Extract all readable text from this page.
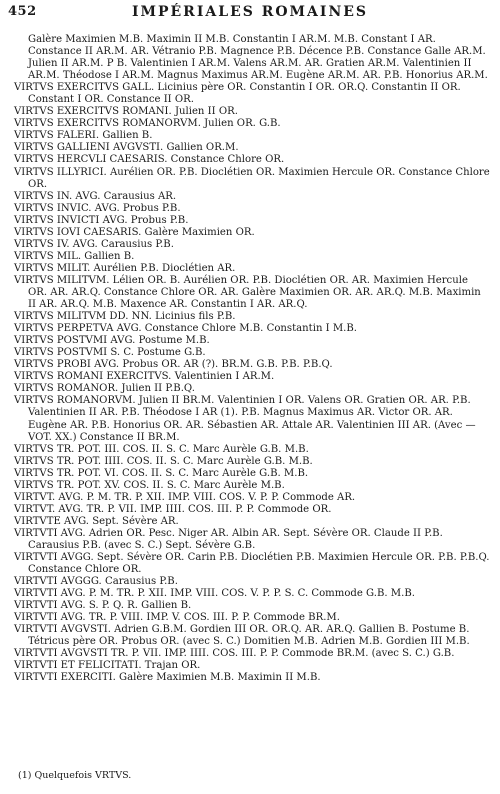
452	IMPÉRIALES ROMAINES

Galère Maximien M.B. Maximin II M.B. Constantin I AR.M. M.B. Constant I AR. Constance II AR.M. AR. Vétranio P.B. Magnence P.B. Décence P.B. Constance Galle AR.M. Julien II AR.M. P B. Valentinien I AR.M. Valens AR.M. AR. Gratien AR.M. Valentinien II AR.M. Théodose I AR.M. Magnus Maximus AR.M. Eugène AR.M. AR. P.B. Honorius AR.M.

VIRTVS EXERCITVS GALL. Licinius père OR. Constantin I OR. OR.Q. Constantin II OR. Constant I OR. Constance II OR.

VIRTVS EXERCITVS ROMANI. Julien II OR.

VIRTVS EXERCITVS ROMANORVM. Julien OR. G.B.

VIRTVS FALERI. Gallien B.

VIRTVS GALLIENI AVGVSTI. Gallien OR.M.

VIRTVS HERCVLI CAESARIS. Constance Chlore OR.

VIRTVS ILLYRICI. Aurélien OR. P.B. Dioclétien OR. Maximien Hercule OR. Constance Chlore OR.

VIRTVS IN. AVG. Carausius AR.

VIRTVS INVIC. AVG. Probus P.B.

VIRTVS INVICTI AVG. Probus P.B.

VIRTVS IOVI CAESARIS. Galère Maximien OR.

VIRTVS IV. AVG. Carausius P.B.

VIRTVS MIL. Gallien B.

VIRTVS MILIT. Aurélien P.B. Dioclétien AR.

VIRTVS MILITVM. Lélien OR. B. Aurélien OR. P.B. Dioclétien OR. AR. Maximien Hercule OR. AR. AR.Q. Constance Chlore OR. AR. Galère Maximien OR. AR. AR.Q. M.B. Maximin II AR. AR.Q. M.B. Maxence AR. Constantin I AR. AR.Q.

VIRTVS MILITVM DD. NN. Licinius fils P.B.

VIRTVS PERPETVA AVG. Constance Chlore M.B. Constantin I M.B.

VIRTVS POSTVMI AVG. Postume M.B.

VIRTVS POSTVMI S. C. Postume G.B.

VIRTVS PROBI AVG. Probus OR. AR (?). BR.M. G.B. P.B. P.B.Q.

VIRTVS ROMANI EXERCITVS. Valentinien I AR.M.

VIRTVS ROMANOR. Julien II P.B.Q.

VIRTVS ROMANORVM. Julien II BR.M. Valentinien I OR. Valens OR. Gratien OR. AR. P.B. Valentinien II AR. P.B. Théodose I AR (1). P.B. Magnus Maximus AR. Victor OR. AR. Eugène AR. P.B. Honorius OR. AR. Sébastien AR. Attale AR. Valentinien III AR. (Avec — VOT. XX.) Constance II BR.M.

VIRTVS TR. POT. III. COS. II. S. C. Marc Aurèle G.B. M.B.

VIRTVS TR. POT. IIII. COS. II. S. C. Marc Aurèle G.B. M.B.

VIRTVS TR. POT. VI. COS. II. S. C. Marc Aurèle G.B. M.B.

VIRTVS TR. POT. XV. COS. II. S. C. Marc Aurèle M.B.

VIRTVT. AVG. P. M. TR. P. XII. IMP. VIII. COS. V. P. P. Commode AR.

VIRTVT. AVG. TR. P. VII. IMP. IIII. COS. III. P. P. Commode OR.

VIRTVTE AVG. Sept. Sévère AR.

VIRTVTI AVG. Adrien OR. Pesc. Niger AR. Albin AR. Sept. Sévère OR. Claude II P.B. Carausius P.B. (avec S. C.) Sept. Sévère G.B.

VIRTVTI AVGG. Sept. Sévère OR. Carin P.B. Dioclétien P.B. Maximien Hercule OR. P.B. P.B.Q. Constance Chlore OR.

VIRTVTI AVGGG. Carausius P.B.

VIRTVTI AVG. P. M. TR. P. XII. IMP. VIII. COS. V. P. P. S. C. Commode G.B. M.B.

VIRTVTI AVG. S. P. Q. R. Gallien B.

VIRTVTI AVG. TR. P. VIII. IMP. V. COS. III. P. P. Commode BR.M.

VIRTVTI AVGVSTI. Adrien G.B.M. Gordien III OR. OR.Q. AR. AR.Q. Gallien B. Postume B. Tétricus père OR. Probus OR. (avec S. C.) Domitien M.B. Adrien M.B. Gordien III M.B.

VIRTVTI AVGVSTI TR. P. VII. IMP. IIII. COS. III. P. P. Commode BR.M. (avec S. C.) G.B.

VIRTVTI ET FELICITATI. Trajan OR.

VIRTVTI EXERCITI. Galère Maximien M.B. Maximin II M.B.

(1) Quelquefois VRTVS.
